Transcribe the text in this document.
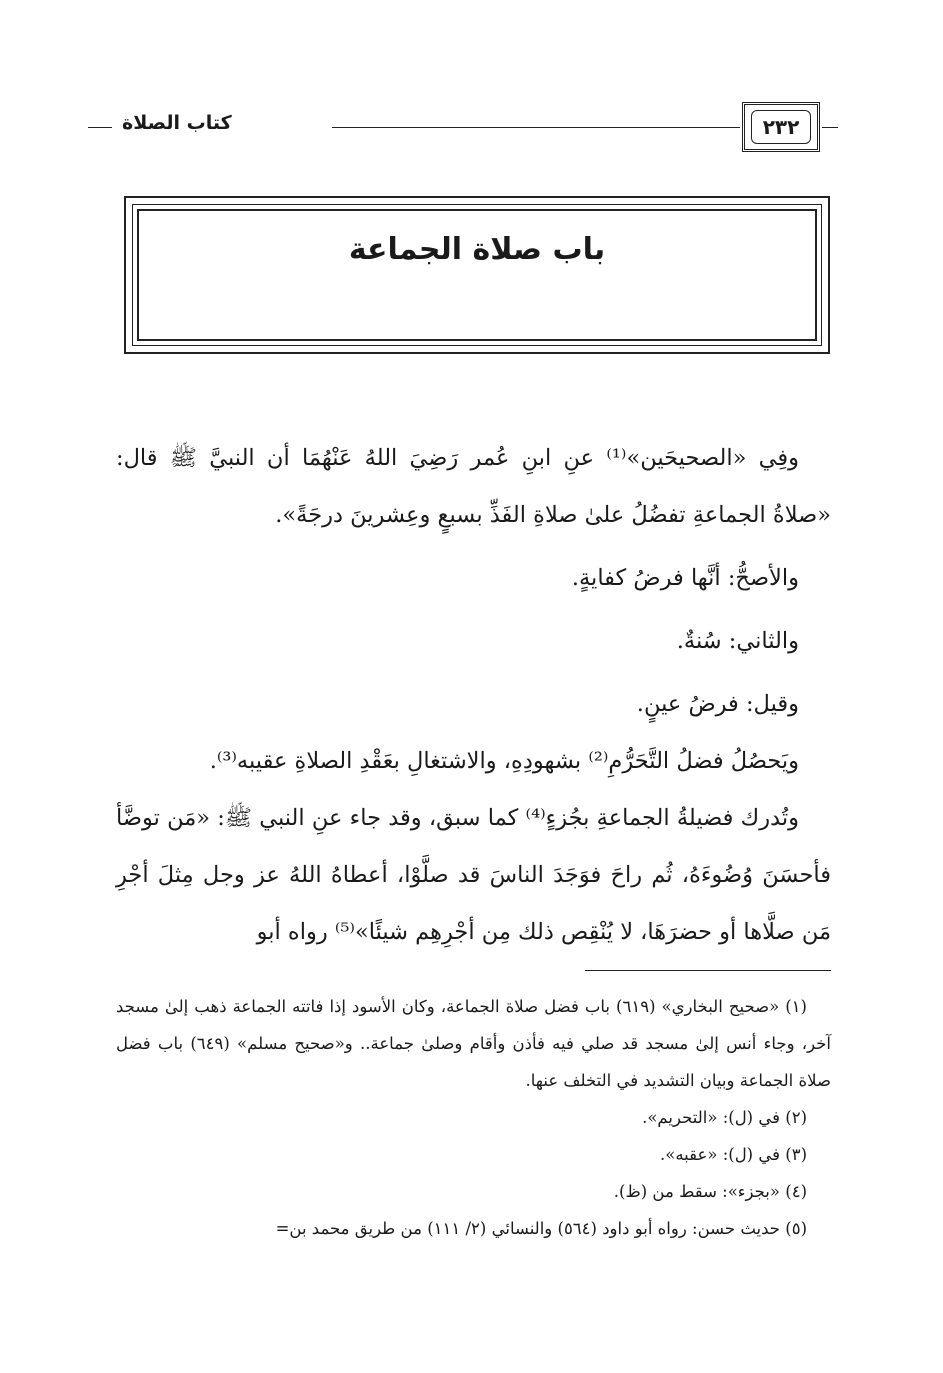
٢٣٢
كتاب الصلاة
باب صلاة الجماعة

وفِي «الصحيحَين»⁽¹⁾ عنِ ابنِ عُمر رَضِيَ اللهُ عَنْهُمَا أن النبيَّ ﷺ قال: «صلاةُ الجماعةِ تفضُلُ علىٰ صلاةِ الفَذِّ بسبعٍ وعِشرينَ درجَةً».

والأصحُّ: أنَّها فرضُ كفايةٍ.

والثاني: سُنةٌ.

وقيل: فرضُ عينٍ.

ويَحصُلُ فضلُ التَّحَرُّمِ⁽²⁾ بشهودِهِ، والاشتغالِ بعَقْدِ الصلاةِ عقيبه⁽³⁾.

وتُدرك فضيلةُ الجماعةِ بجُزءٍ⁽⁴⁾ كما سبق، وقد جاء عنِ النبي ﷺ: «مَن توضَّأ فأحسَنَ وُضُوءَهُ، ثُم راحَ فوَجَدَ الناسَ قد صلَّوْا، أعطاهُ اللهُ عز وجل مِثلَ أجْرِ مَن صلَّاها أو حضرَهَا، لا يُنْقِص ذلك مِن أجْرِهِم شيئًا»⁽⁵⁾ رواه أبو

(١) «صحيح البخاري» (٦١٩) باب فضل صلاة الجماعة، وكان الأسود إذا فاتته الجماعة ذهب إلىٰ مسجد آخر، وجاء أنس إلىٰ مسجد قد صلي فيه فأذن وأقام وصلىٰ جماعة.. و«صحيح مسلم» (٦٤٩) باب فضل صلاة الجماعة وبيان التشديد في التخلف عنها.

(٢) في (ل): «التحريم».

(٣) في (ل): «عقبه».

(٤) «بجزء»: سقط من (ظ).

(٥) حديث حسن: رواه أبو داود (٥٦٤) والنسائي (٢/ ١١١) من طريق محمد بن=
